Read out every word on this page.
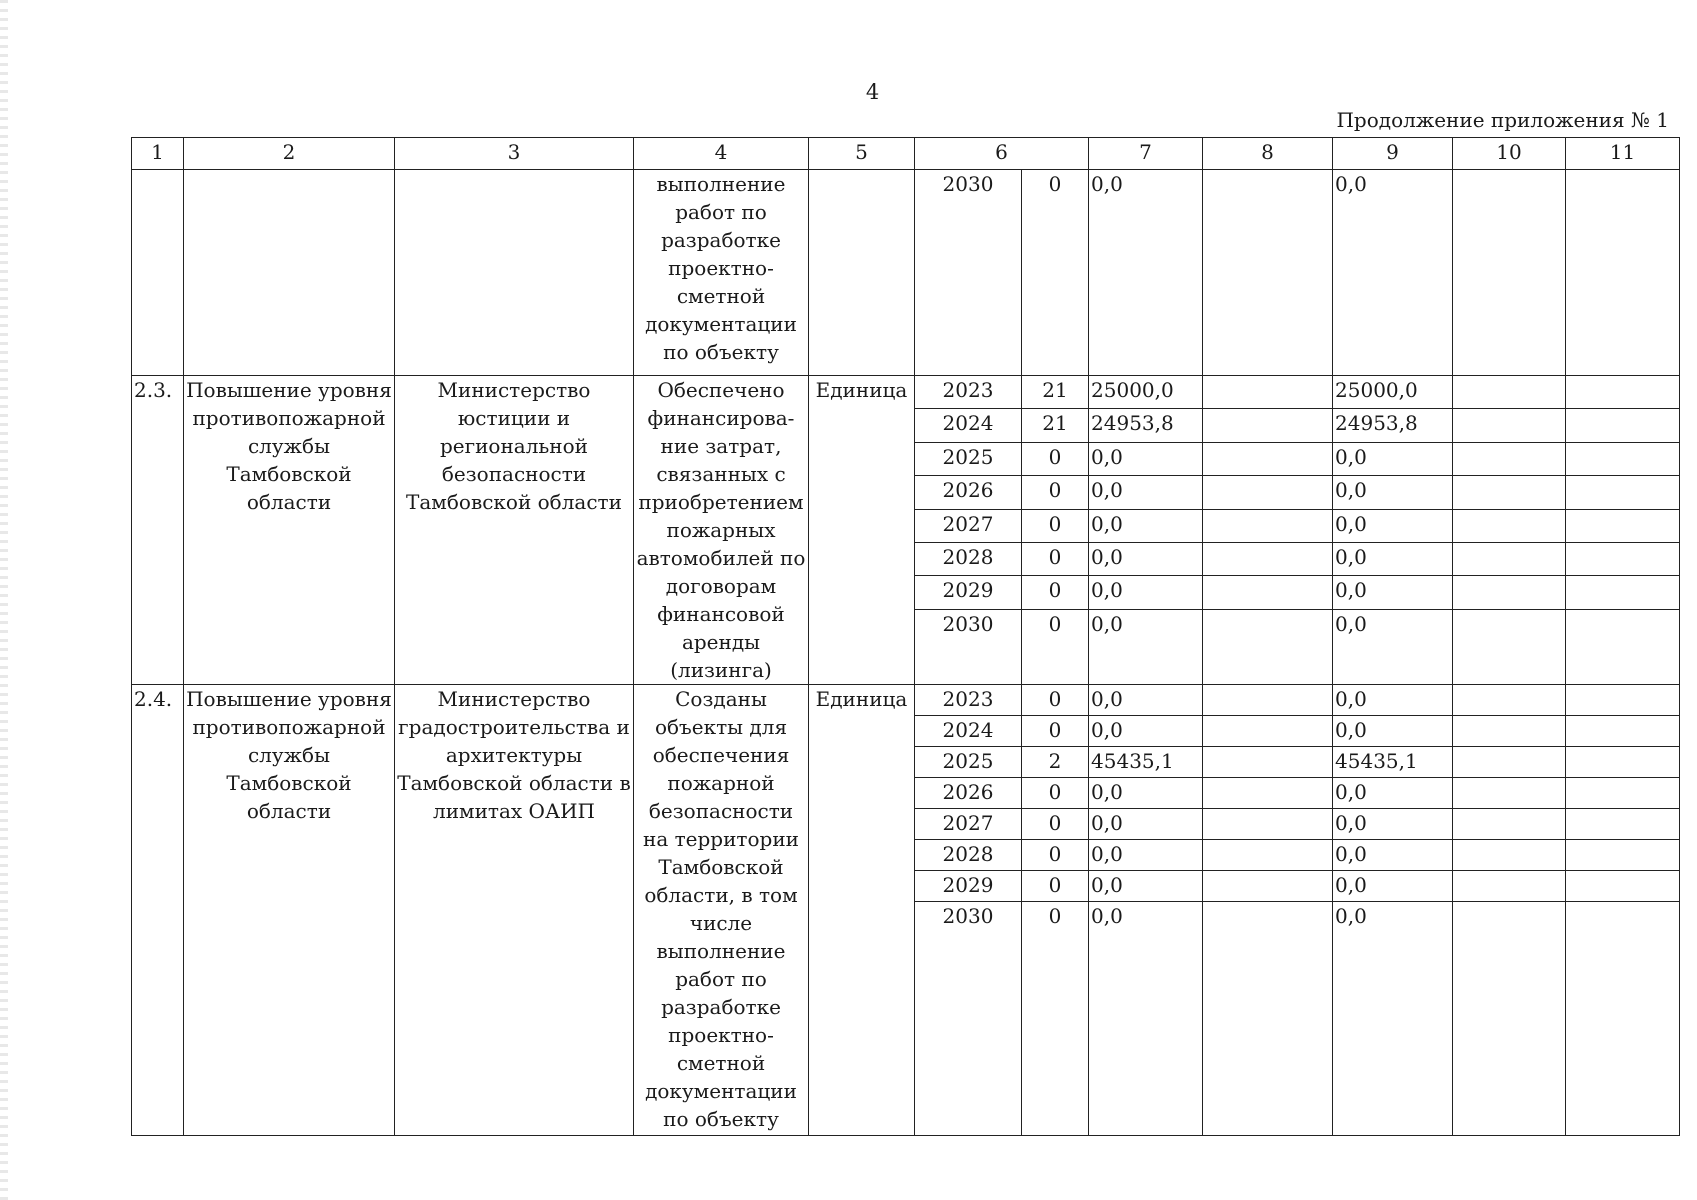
4
Продолжение приложения № 1
1	2	3	4	5	6		7	8	9	10	11
			выполнение работ по разработке проектно-сметной документации по объекту		2030	0	0,0		0,0		
2.3.	Повышение уровня противопожарной службы Тамбовской области	Министерство юстиции и региональной безопасности Тамбовской области	Обеспечено финансирова-ние затрат, связанных с приобретением пожарных автомобилей по договорам финансовой аренды (лизинга)	Единица	2023	21	25000,0		25000,0		
					2024	21	24953,8		24953,8		
					2025	0	0,0		0,0		
					2026	0	0,0		0,0		
					2027	0	0,0		0,0		
					2028	0	0,0		0,0		
					2029	0	0,0		0,0		
					2030	0	0,0		0,0		
2.4.	Повышение уровня противопожарной службы Тамбовской области	Министерство градостроительства и архитектуры Тамбовской области в лимитах ОАИП	Созданы объекты для обеспечения пожарной безопасности на территории Тамбовской области, в том числе выполнение работ по разработке проектно-сметной документации по объекту	Единица	2023	0	0,0		0,0		
					2024	0	0,0		0,0		
					2025	2	45435,1		45435,1		
					2026	0	0,0		0,0		
					2027	0	0,0		0,0		
					2028	0	0,0		0,0		
					2029	0	0,0		0,0		
					2030	0	0,0		0,0		
